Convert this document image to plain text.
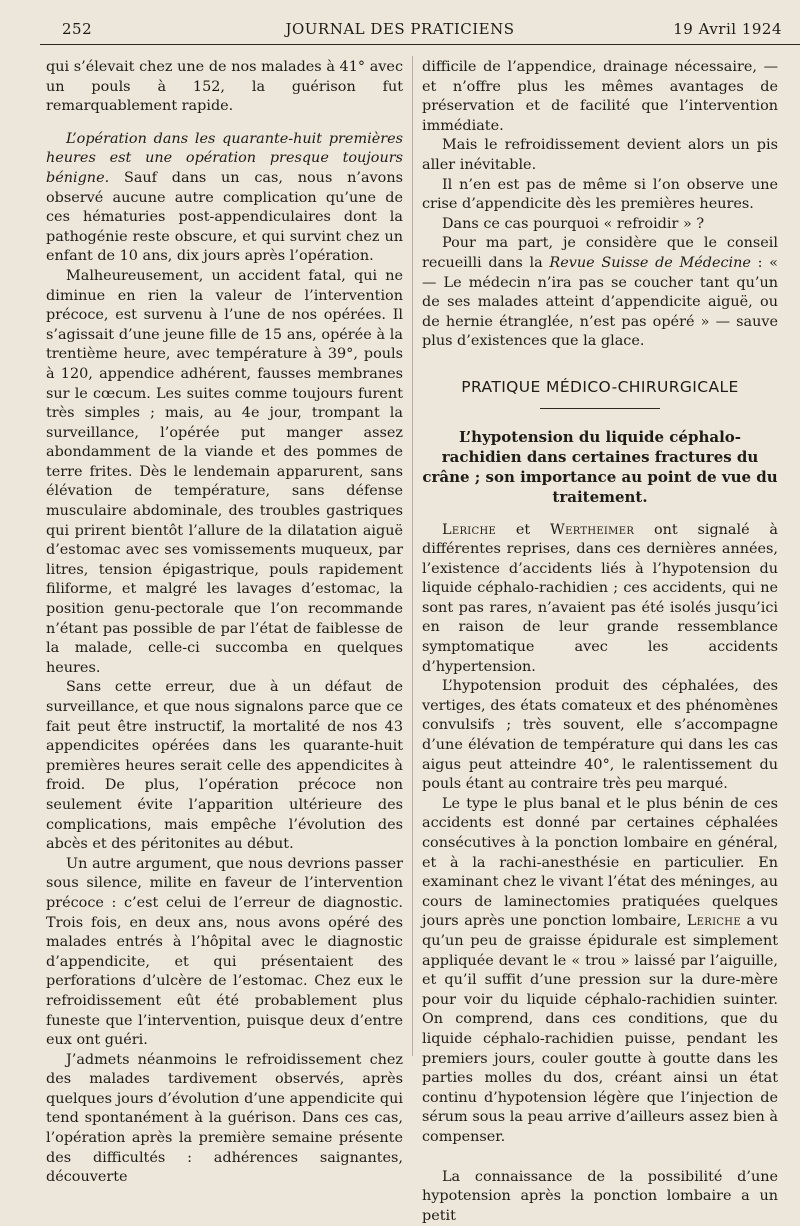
252	JOURNAL DES PRATICIENS	19 Avril 1924

qui s’élevait chez une de nos malades à 41° avec un pouls à 152, la guérison fut remarquablement rapide.

L’opération dans les quarante-huit premières heures est une opération presque toujours bénigne. Sauf dans un cas, nous n’avons observé aucune autre complication qu’une de ces hématuries post-appendiculaires dont la pathogénie reste obscure, et qui survint chez un enfant de 10 ans, dix jours après l’opération.

Malheureusement, un accident fatal, qui ne diminue en rien la valeur de l’intervention précoce, est survenu à l’une de nos opérées. Il s’agissait d’une jeune fille de 15 ans, opérée à la trentième heure, avec température à 39°, pouls à 120, appendice adhérent, fausses membranes sur le cœcum. Les suites comme toujours furent très simples ; mais, au 4e jour, trompant la surveillance, l’opérée put manger assez abondamment de la viande et des pommes de terre frites. Dès le lendemain apparurent, sans élévation de température, sans défense musculaire abdominale, des troubles gastriques qui prirent bientôt l’allure de la dilatation aiguë d’estomac avec ses vomissements muqueux, par litres, tension épigastrique, pouls rapidement filiforme, et malgré les lavages d’estomac, la position genu-pectorale que l’on recommande n’étant pas possible de par l’état de faiblesse de la malade, celle-ci succomba en quelques heures.

Sans cette erreur, due à un défaut de surveillance, et que nous signalons parce que ce fait peut être instructif, la mortalité de nos 43 appendicites opérées dans les quarante-huit premières heures serait celle des appendicites à froid. De plus, l’opération précoce non seulement évite l’apparition ultérieure des complications, mais empêche l’évolution des abcès et des péritonites au début.

Un autre argument, que nous devrions passer sous silence, milite en faveur de l’intervention précoce : c’est celui de l’erreur de diagnostic. Trois fois, en deux ans, nous avons opéré des malades entrés à l’hôpital avec le diagnostic d’appendicite, et qui présentaient des perforations d’ulcère de l’estomac. Chez eux le refroidissement eût été probablement plus funeste que l’intervention, puisque deux d’entre eux ont guéri.

J’admets néanmoins le refroidissement chez des malades tardivement observés, après quelques jours d’évolution d’une appendicite qui tend spontanément à la guérison. Dans ces cas, l’opération après la première semaine présente des difficultés : adhérences saignantes, découverte

difficile de l’appendice, drainage nécessaire, — et n’offre plus les mêmes avantages de préservation et de facilité que l’intervention immédiate.

Mais le refroidissement devient alors un pis aller inévitable.

Il n’en est pas de même si l’on observe une crise d’appendicite dès les premières heures.

Dans ce cas pourquoi « refroidir » ?

Pour ma part, je considère que le conseil recueilli dans la Revue Suisse de Médecine : « — Le médecin n’ira pas se coucher tant qu’un de ses malades atteint d’appendicite aiguë, ou de hernie étranglée, n’est pas opéré » — sauve plus d’existences que la glace.

PRATIQUE MÉDICO-CHIRURGICALE
L’hypotension du liquide céphalo-rachidien dans certaines fractures du crâne ; son importance au point de vue du traitement.

Leriche et Wertheimer ont signalé à différentes reprises, dans ces dernières années, l’existence d’accidents liés à l’hypotension du liquide céphalo-rachidien ; ces accidents, qui ne sont pas rares, n’avaient pas été isolés jusqu’ici en raison de leur grande ressemblance symptomatique avec les accidents d’hypertension.

L’hypotension produit des céphalées, des vertiges, des états comateux et des phénomènes convulsifs ; très souvent, elle s’accompagne d’une élévation de température qui dans les cas aigus peut atteindre 40°, le ralentissement du pouls étant au contraire très peu marqué.

Le type le plus banal et le plus bénin de ces accidents est donné par certaines céphalées consécutives à la ponction lombaire en général, et à la rachi-anesthésie en particulier. En examinant chez le vivant l’état des méninges, au cours de laminectomies pratiquées quelques jours après une ponction lombaire, Leriche a vu qu’un peu de graisse épidurale est simplement appliquée devant le « trou » laissé par l’aiguille, et qu’il suffit d’une pression sur la dure-mère pour voir du liquide céphalo-rachidien suinter. On comprend, dans ces conditions, que du liquide céphalo-rachidien puisse, pendant les premiers jours, couler goutte à goutte dans les parties molles du dos, créant ainsi un état continu d’hypotension légère que l’injection de sérum sous la peau arrive d’ailleurs assez bien à compenser.

La connaissance de la possibilité d’une hypotension après la ponction lombaire a un petit
